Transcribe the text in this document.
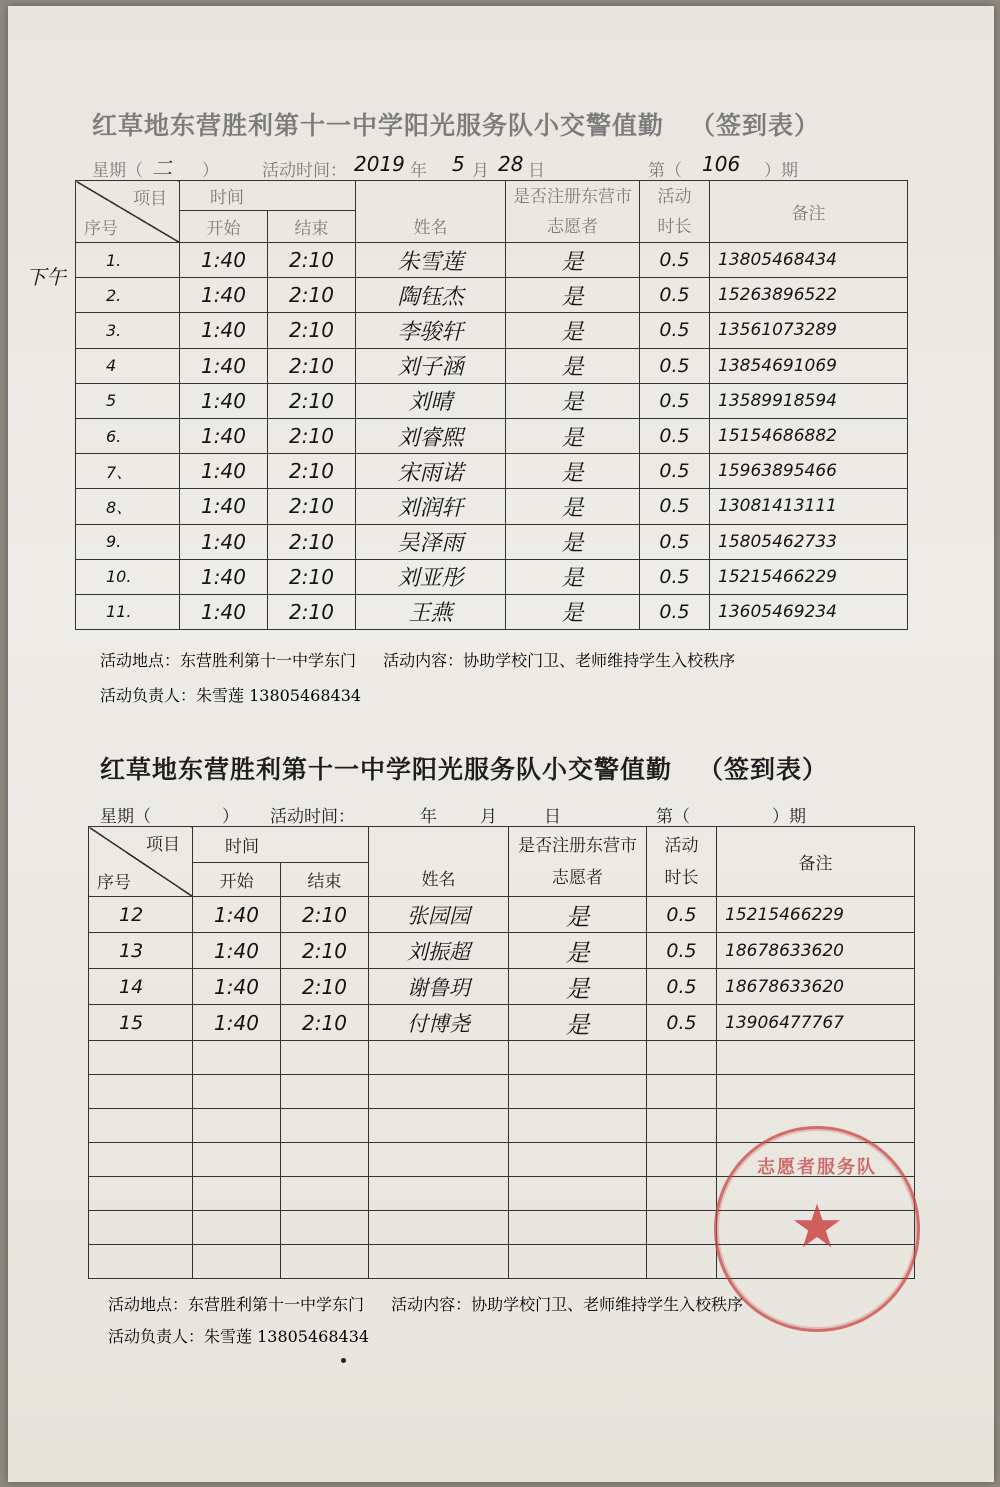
红草地东营胜利第十一中学阳光服务队小交警值勤 （签到表）
星期（ 二 ）	活动时间： 2019 年 5 月 28 日	第（ 106 ）期
下午
项目
序号	时间		姓名	是否注册东营市志愿者	活动时长	备注
	开始	结束				
1.	1:40	2:10	朱雪莲	是	0.5	13805468434
2.	1:40	2:10	陶钰杰	是	0.5	15263896522
3.	1:40	2:10	李骏轩	是	0.5	13561073289
4	1:40	2:10	刘子涵	是	0.5	13854691069
5	1:40	2:10	刘晴	是	0.5	13589918594
6.	1:40	2:10	刘睿熙	是	0.5	15154686882
7、	1:40	2:10	宋雨诺	是	0.5	15963895466
8、	1:40	2:10	刘润轩	是	0.5	13081413111
9.	1:40	2:10	吴泽雨	是	0.5	15805462733
10.	1:40	2:10	刘亚彤	是	0.5	15215466229
11.	1:40	2:10	王燕	是	0.5	13605469234
活动地点：东营胜利第十一中学东门 活动内容：协助学校门卫、老师维持学生入校秩序
活动负责人：朱雪莲 13805468434
红草地东营胜利第十一中学阳光服务队小交警值勤 （签到表）
星期（	） 活动时间：	年	月	日	第（	）期
项目
序号	时间		姓名	是否注册东营市志愿者	活动时长	备注
	开始	结束				
12	1:40	2:10	张园园	是	0.5	15215466229
13	1:40	2:10	刘振超	是	0.5	18678633620
14	1:40	2:10	谢鲁玥	是	0.5	18678633620
15	1:40	2:10	付博尧	是	0.5	13906477767

志愿者服务队
★
活动地点：东营胜利第十一中学东门 活动内容：协助学校门卫、老师维持学生入校秩序
活动负责人：朱雪莲 13805468434
